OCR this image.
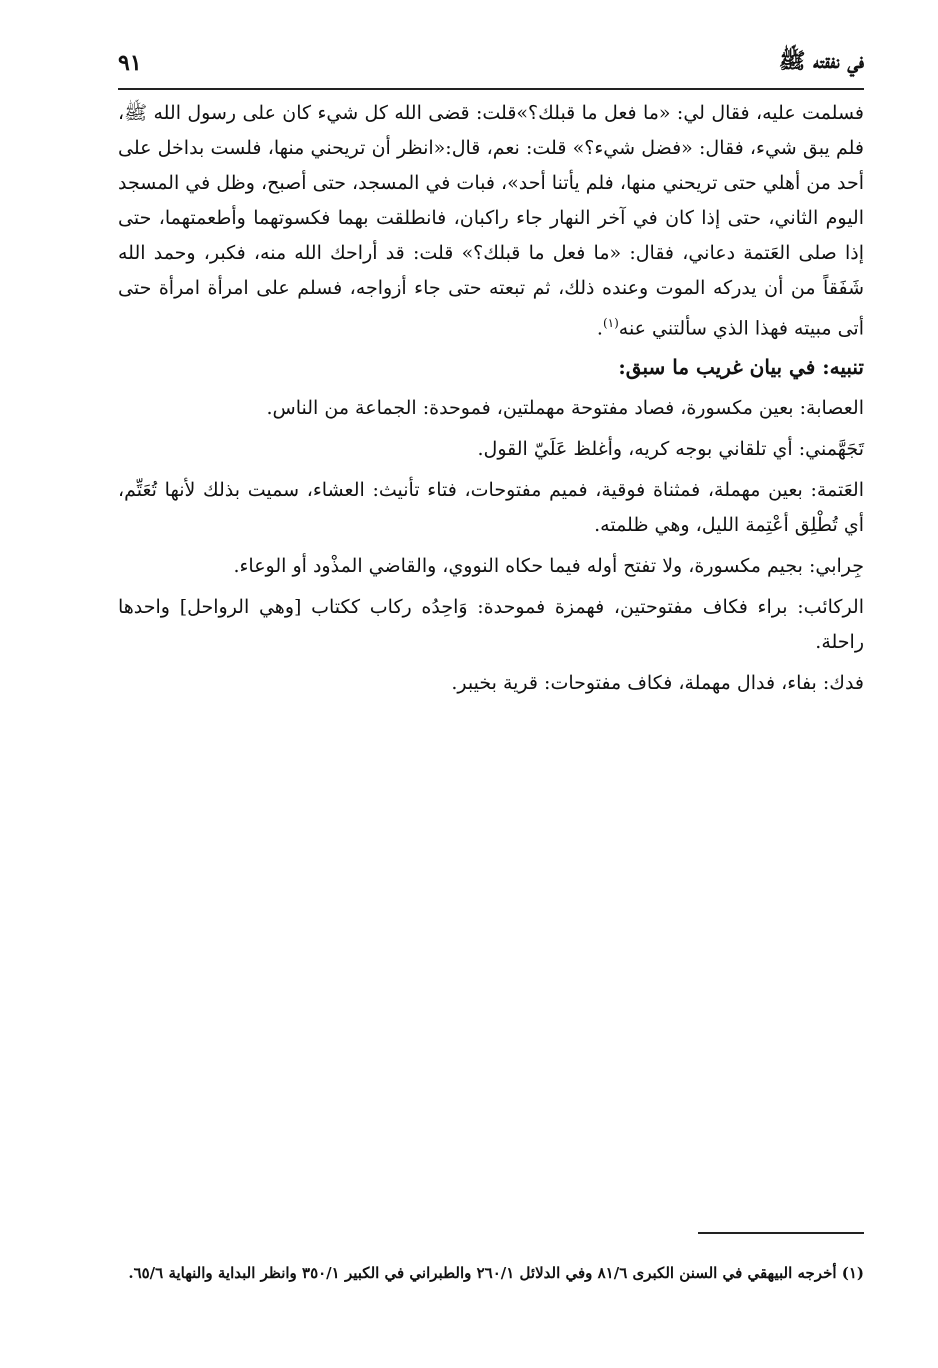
في نفقته ﷺ
٩١

فسلمت عليه، فقال لي: «ما فعل ما قبلك؟»قلت: قضى الله كل شيء كان على رسول الله ﷺ، فلم يبق شيء، فقال: «فضل شيء؟» قلت: نعم، قال:«انظر أن تريحني منها، فلست بداخل على أحد من أهلي حتى تريحني منها، فلم يأتنا أحد»، فبات في المسجد، حتى أصبح، وظل في المسجد اليوم الثاني، حتى إذا كان في آخر النهار جاء راكبان، فانطلقت بهما فكسوتهما وأطعمتهما، حتى إذا صلى العَتمة دعاني، فقال: «ما فعل ما قبلك؟» قلت: قد أراحك الله منه، فكبر، وحمد الله شَفَقاً من أن يدركه الموت وعنده ذلك، ثم تبعته حتى جاء أزواجه، فسلم على امرأة امرأة حتى أتى مبيته فهذا الذي سألتني عنه$^{(١)}$.

تنبيه: في بيان غريب ما سبق:

العصابة: بعين مكسورة، فصاد مفتوحة مهملتين، فموحدة: الجماعة من الناس.

تَجَهَّمني: أي تلقاني بوجه كريه، وأغلظ عَلَيّ القول.

العَتمة: بعين مهملة، فمثناة فوقية، فميم مفتوحات، فتاء تأنيث: العشاء، سميت بذلك لأنها تُعَتِّم، أي تُطْلِق أعْتِمة الليل، وهي ظلمته.

جِرابي: بجيم مكسورة، ولا تفتح أوله فيما حكاه النووي، والقاضي المذْود أو الوعاء.

الركائب: براء فكاف مفتوحتين، فهمزة فموحدة: وَاحِدُه ركاب ككتاب [وهي الرواحل] واحدها راحلة.

فدك: بفاء، فدال مهملة، فكاف مفتوحات: قرية بخيبر.

(١) أخرجه البيهقي في السنن الكبرى ٨١/٦ وفي الدلائل ٢٦٠/١ والطبراني في الكبير ٣٥٠/١ وانظر البداية والنهاية ٦٥/٦.
